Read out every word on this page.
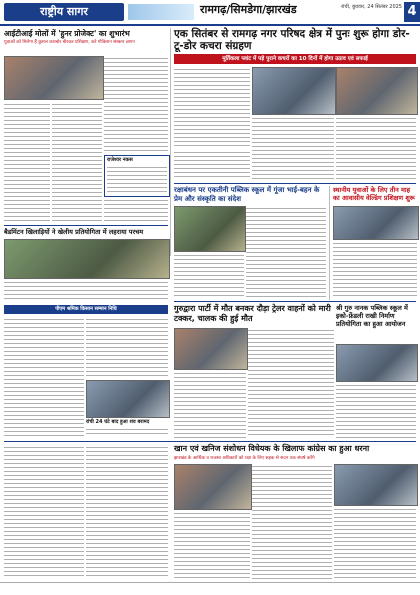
राष्ट्रीय सागर	रामगढ़/सिमडेगा/झारखंड	रांची, बुधवार, 24 सितंबर 2025 4
आईटीआई मोलों में 'हुनर प्रोजेक्ट' का शुभारंभ
युवाओं को मिलेगा हैं कुशल कारबोर बीरकर प्रशिक्षण, करे गोकिशन संस्कार ज्ञापन
राजेश्वर नकस
एक सितंबर से रामगढ़ नगर परिषद क्षेत्र में पुनः शुरू होगा डोर-टू-डोर कचरा संग्रहण
मूर्तिकला प्लांट में पड़े पुराने कचरों का 10 दिनों में होगा उठाव एवं सफाई
रक्षाबंधन पर एकतीनी पब्लिक स्कूल में गूंजा भाई-बहन के प्रेम और संस्कृति का संदेश
स्थानीय युवाओं के लिए तीन माह का आवासीय वेल्डिंग प्रशिक्षण शुरू
बैडमिंटन खिलाड़ियों ने खेलीय प्रतियोगिता में लहराया परचम
गुरुद्वारा पार्टी में मौत बनकर दौड़ा ट्रेलर वाहनों को मारी टक्कर, चालक की हुई मौत
श्री गुरु नानक पब्लिक स्कूल में इको-फ्रेंडली राखी निर्माण प्रतियोगिता का हुआ आयोजन
पीएम श्रमिक किसान सम्मान निधि
रांची 24 घंटे बाद हुआ शव बरामद
खान एवं खनिज संशोधन विधेयक के खिलाफ कांग्रेस का हुआ धरना
झारखंड के आर्थिक व राजस्व अधिकारों को रक्षा के लिए सड़क से सदन तक संघर्ष करेंगे
